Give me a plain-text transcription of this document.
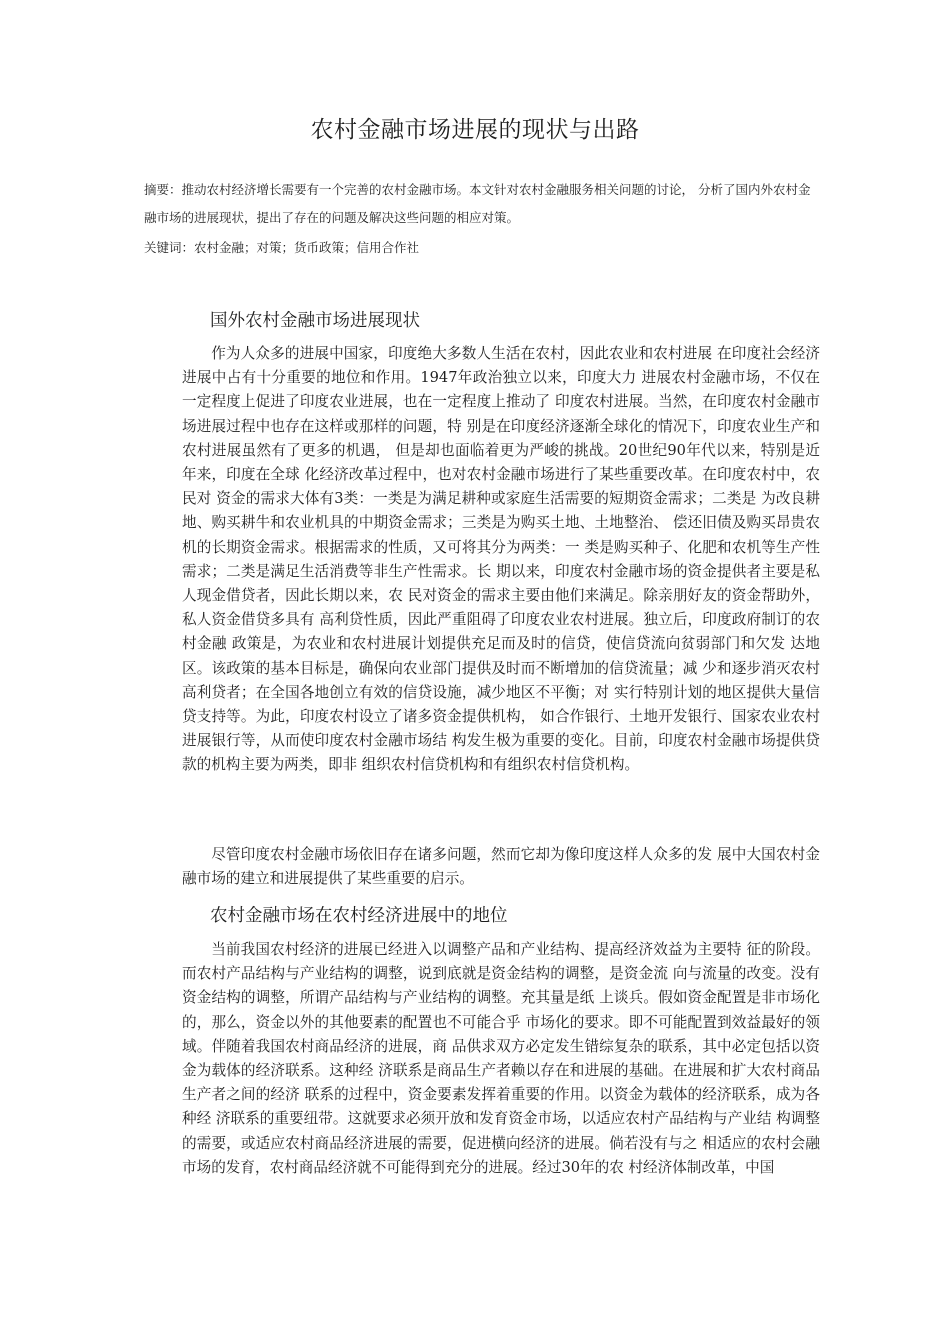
农村金融市场进展的现状与出路

摘要：推动农村经济增长需要有一个完善的农村金融市场。本文针对农村金融服务相关问题的讨论， 分析了国内外农村金融市场的进展现状，提出了存在的问题及解决这些问题的相应对策。

关键词：农村金融；对策；货币政策；信用合作社

国外农村金融市场进展现状

作为人众多的进展中国家，印度绝大多数人生活在农村，因此农业和农村进展 在印度社会经济进展中占有十分重要的地位和作用。1947年政治独立以来，印度大力 进展农村金融市场，不仅在一定程度上促进了印度农业进展，也在一定程度上推动了 印度农村进展。当然，在印度农村金融市场进展过程中也存在这样或那样的问题，特 别是在印度经济逐渐全球化的情况下，印度农业生产和农村进展虽然有了更多的机遇， 但是却也面临着更为严峻的挑战。20世纪90年代以来，特别是近年来，印度在全球 化经济改革过程中，也对农村金融市场进行了某些重要改革。在印度农村中，农民对 资金的需求大体有3类：一类是为满足耕种或家庭生活需要的短期资金需求；二类是 为改良耕地、购买耕牛和农业机具的中期资金需求；三类是为购买土地、土地整治、 偿还旧债及购买昂贵农机的长期资金需求。根据需求的性质，又可将其分为两类：一 类是购买种子、化肥和农机等生产性需求；二类是满足生活消费等非生产性需求。长 期以来，印度农村金融市场的资金提供者主要是私人现金借贷者，因此长期以来，农 民对资金的需求主要由他们来满足。除亲朋好友的资金帮助外，私人资金借贷多具有 高利贷性质，因此严重阻碍了印度农业农村进展。独立后，印度政府制订的农村金融 政策是，为农业和农村进展计划提供充足而及时的信贷，使信贷流向贫弱部门和欠发 达地区。该政策的基本目标是，确保向农业部门提供及时而不断增加的信贷流量；减 少和逐步消灭农村高利贷者；在全国各地创立有效的信贷设施，减少地区不平衡；对 实行特别计划的地区提供大量信贷支持等。为此，印度农村设立了诸多资金提供机构， 如合作银行、土地开发银行、国家农业农村进展银行等，从而使印度农村金融市场结 构发生极为重要的变化。目前，印度农村金融市场提供贷款的机构主要为两类，即非 组织农村信贷机构和有组织农村信贷机构。

尽管印度农村金融市场依旧存在诸多问题，然而它却为像印度这样人众多的发 展中大国农村金融市场的建立和进展提供了某些重要的启示。

农村金融市场在农村经济进展中的地位

当前我国农村经济的进展已经进入以调整产品和产业结构、提高经济效益为主要特 征的阶段。而农村产品结构与产业结构的调整，说到底就是资金结构的调整，是资金流 向与流量的改变。没有资金结构的调整，所谓产品结构与产业结构的调整。充其量是纸 上谈兵。假如资金配置是非市场化的，那么，资金以外的其他要素的配置也不可能合乎 市场化的要求。即不可能配置到效益最好的领域。伴随着我国农村商品经济的进展，商 品供求双方必定发生错综复杂的联系，其中必定包括以资金为载体的经济联系。这种经 济联系是商品生产者赖以存在和进展的基础。在进展和扩大农村商品生产者之间的经济 联系的过程中，资金要素发挥着重要的作用。以资金为载体的经济联系，成为各种经 济联系的重要纽带。这就要求必须开放和发育资金市场，以适应农村产品结构与产业结 构调整的需要，或适应农村商品经济进展的需要，促进横向经济的进展。倘若没有与之 相适应的农村会融市场的发育，农村商品经济就不可能得到充分的进展。经过30年的农 村经济体制改革，中国
